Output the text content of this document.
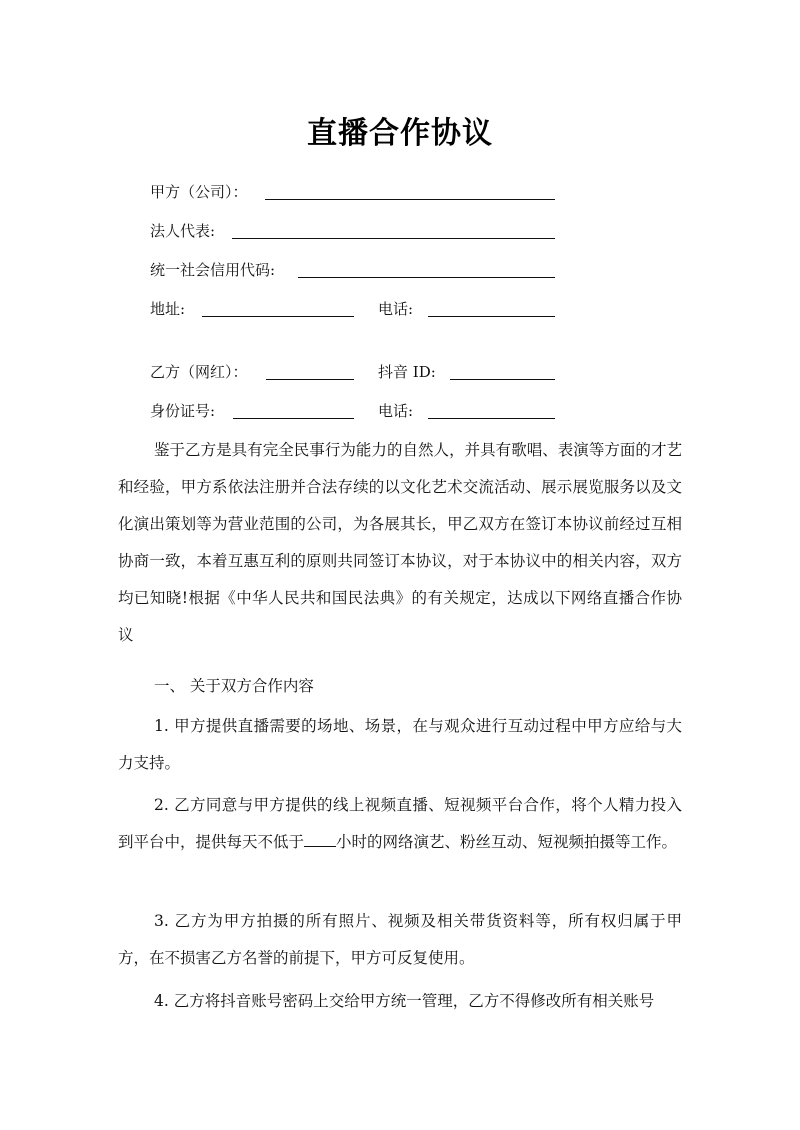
直播合作协议
甲方（公司）：
法人代表:
统一社会信用代码:
地址:	电话:
乙方（网红）：	抖音 ID:
身份证号:	电话:
鉴于乙方是具有完全民事行为能力的自然人，并具有歌唱、表演等方面的才艺和经验，甲方系依法注册并合法存续的以文化艺术交流活动、展示展览服务以及文化演出策划等为营业范围的公司，为各展其长，甲乙双方在签订本协议前经过互相协商一致，本着互惠互利的原则共同签订本协议，对于本协议中的相关内容，双方均已知晓!根据《中华人民共和国民法典》的有关规定，达成以下网络直播合作协议
一、 关于双方合作内容
1. 甲方提供直播需要的场地、场景，在与观众进行互动过程中甲方应给与大力支持。
2. 乙方同意与甲方提供的线上视频直播、短视频平台合作，将个人精力投入到平台中，提供每天不低于 小时的网络演艺、粉丝互动、短视频拍摄等工作。
3. 乙方为甲方拍摄的所有照片、视频及相关带货资料等，所有权归属于甲方，在不损害乙方名誉的前提下，甲方可反复使用。
4. 乙方将抖音账号密码上交给甲方统一管理，乙方不得修改所有相关账号
